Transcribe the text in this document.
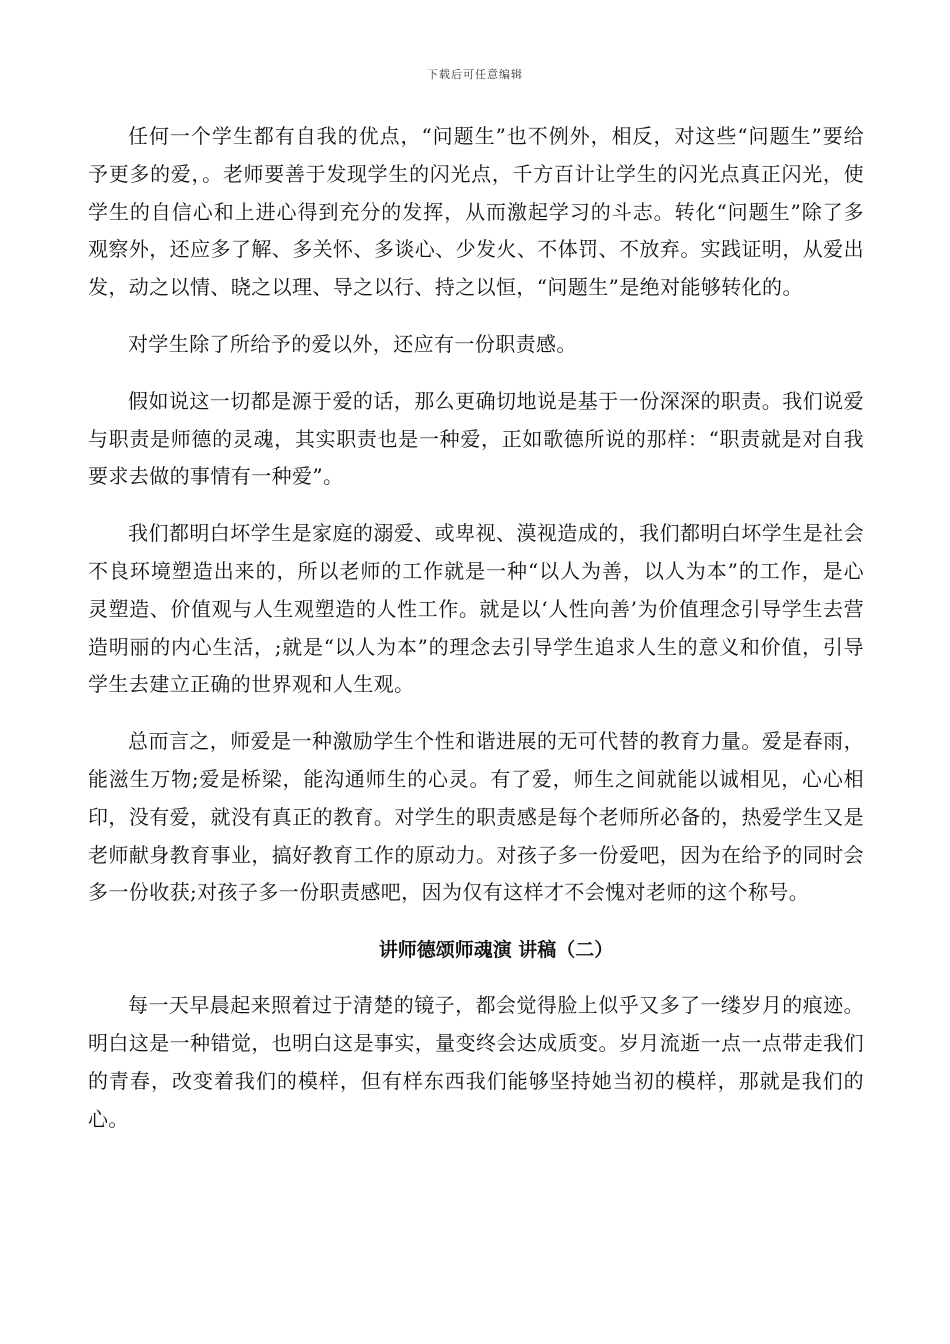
下载后可任意编辑

任何一个学生都有自我的优点，“问题生”也不例外，相反，对这些“问题生”要给予更多的爱，。老师要善于发现学生的闪光点，千方百计让学生的闪光点真正闪光，使学生的自信心和上进心得到充分的发挥，从而激起学习的斗志。转化“问题生”除了多观察外，还应多了解、多关怀、多谈心、少发火、不体罚、不放弃。实践证明，从爱出发，动之以情、晓之以理、导之以行、持之以恒，“问题生”是绝对能够转化的。

对学生除了所给予的爱以外，还应有一份职责感。

假如说这一切都是源于爱的话，那么更确切地说是基于一份深深的职责。我们说爱与职责是师德的灵魂，其实职责也是一种爱，正如歌德所说的那样：“职责就是对自我要求去做的事情有一种爱”。

我们都明白坏学生是家庭的溺爱、或卑视、漠视造成的，我们都明白坏学生是社会不良环境塑造出来的，所以老师的工作就是一种“以人为善，以人为本”的工作，是心灵塑造、价值观与人生观塑造的人性工作。就是以‘人性向善’为价值理念引导学生去营造明丽的内心生活，;就是“以人为本”的理念去引导学生追求人生的意义和价值，引导学生去建立正确的世界观和人生观。

总而言之，师爱是一种激励学生个性和谐进展的无可代替的教育力量。爱是春雨，能滋生万物;爱是桥梁，能沟通师生的心灵。有了爱，师生之间就能以诚相见，心心相印，没有爱，就没有真正的教育。对学生的职责感是每个老师所必备的，热爱学生又是老师献身教育事业，搞好教育工作的原动力。对孩子多一份爱吧，因为在给予的同时会多一份收获;对孩子多一份职责感吧，因为仅有这样才不会愧对老师的这个称号。

讲师德颂师魂演 讲稿（二）

每一天早晨起来照着过于清楚的镜子，都会觉得脸上似乎又多了一缕岁月的痕迹。明白这是一种错觉，也明白这是事实，量变终会达成质变。岁月流逝一点一点带走我们的青春，改变着我们的模样，但有样东西我们能够坚持她当初的模样，那就是我们的心。
